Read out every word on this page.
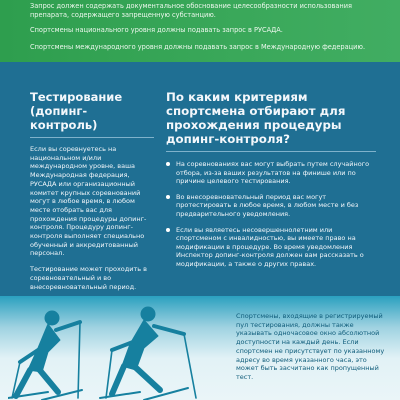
Запрос должен содержать документальное обоснование целесообразности использования препарата, содержащего запрещенную субстанцию.

Спортсмены национального уровня должны подавать запрос в РУСАДА.

Спортсмены международного уровня должны подавать запрос в Международную федерацию.

Тестирование (допинг-контроль)

Если вы соревнуетесь на национальном и/или международном уровне, ваша Международная федерация, РУСАДА или организационный комитет крупных соревнований могут в любое время, в любом месте отобрать вас для прохождения процедуры допинг-контроля. Процедуру допинг-контроля выполняет специально обученный и аккредитованный персонал.

Тестирование может проходить в соревновательный и во внесоревновательный период.

По каким критериям спортсмена отбирают для прохождения процедуры допинг-контроля?
На соревнованиях вас могут выбрать путем случайного отбора, из-за ваших результатов на финише или по причине целевого тестирования.
Во внесоревновательный период вас могут протестировать в любое время, в любом месте и без предварительного уведомления.
Если вы являетесь несовершеннолетним или спортсменом с инвалидностью, вы имеете право на модификации в процедуре. Во время уведомления Инспектор допинг-контроля должен вам рассказать о модификации, а также о других правах.
Спортсмены, входящие в регистрируемый пул тестирования, должны также указывать одночасовое окно абсолютной доступности на каждый день. Если спортсмен не присутствует по указанному адресу во время указанного часа, это может быть засчитано как пропущенный тест.
